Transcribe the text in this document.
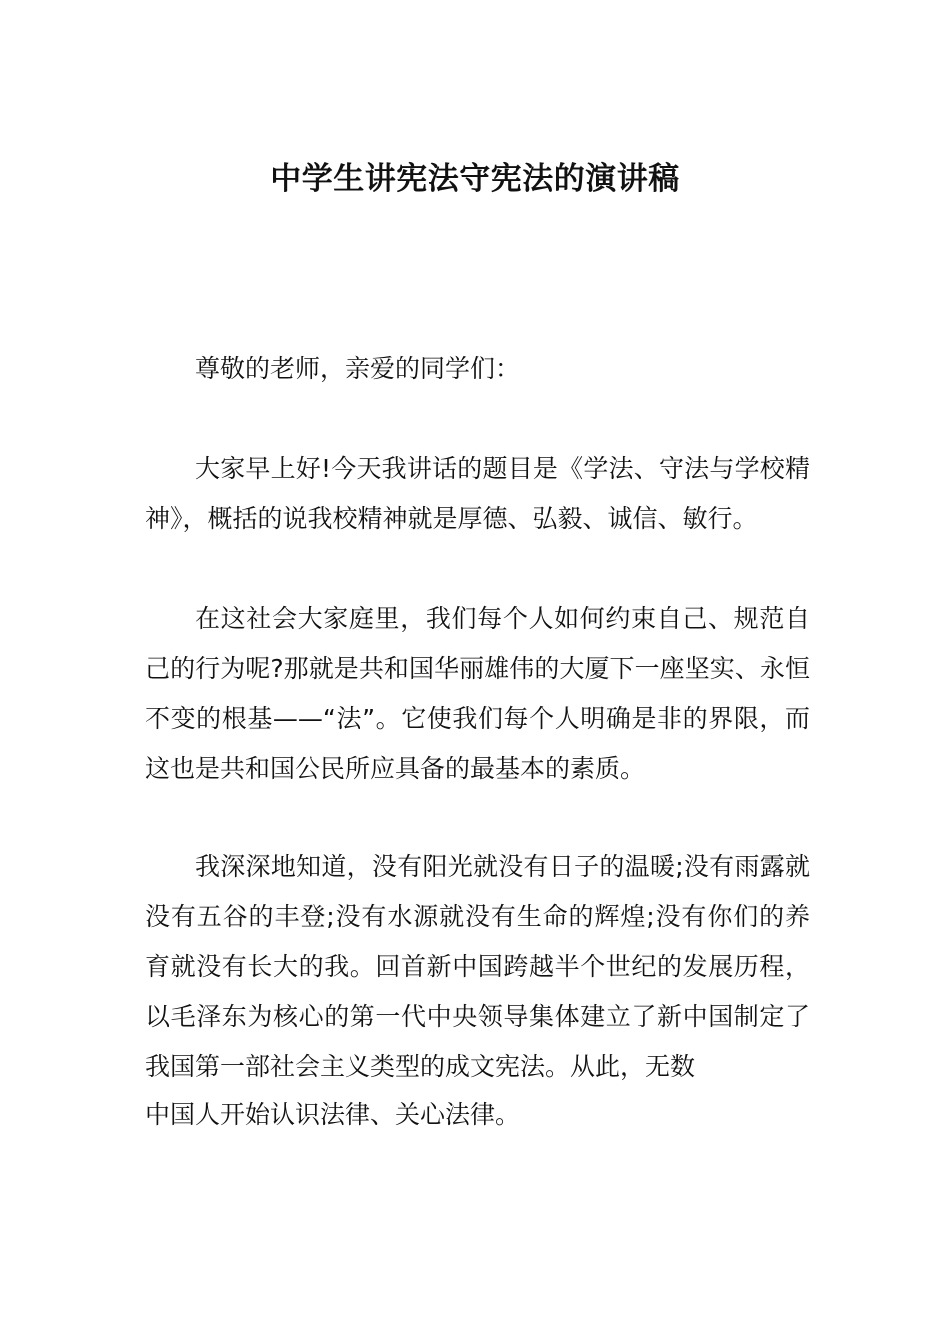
中学生讲宪法守宪法的演讲稿

尊敬的老师，亲爱的同学们：

大家早上好!今天我讲话的题目是《学法、守法与学校精神》，概括的说我校精神就是厚德、弘毅、诚信、敏行。

在这社会大家庭里，我们每个人如何约束自己、规范自己的行为呢?那就是共和国华丽雄伟的大厦下一座坚实、永恒不变的根基——“法”。它使我们每个人明确是非的界限，而这也是共和国公民所应具备的最基本的素质。

我深深地知道，没有阳光就没有日子的温暖;没有雨露就没有五谷的丰登;没有水源就没有生命的辉煌;没有你们的养育就没有长大的我。回首新中国跨越半个世纪的发展历程，以毛泽东为核心的第一代中央领导集体建立了新中国制定了我国第一部社会主义类型的成文宪法。从此，无数

中国人开始认识法律、关心法律。
